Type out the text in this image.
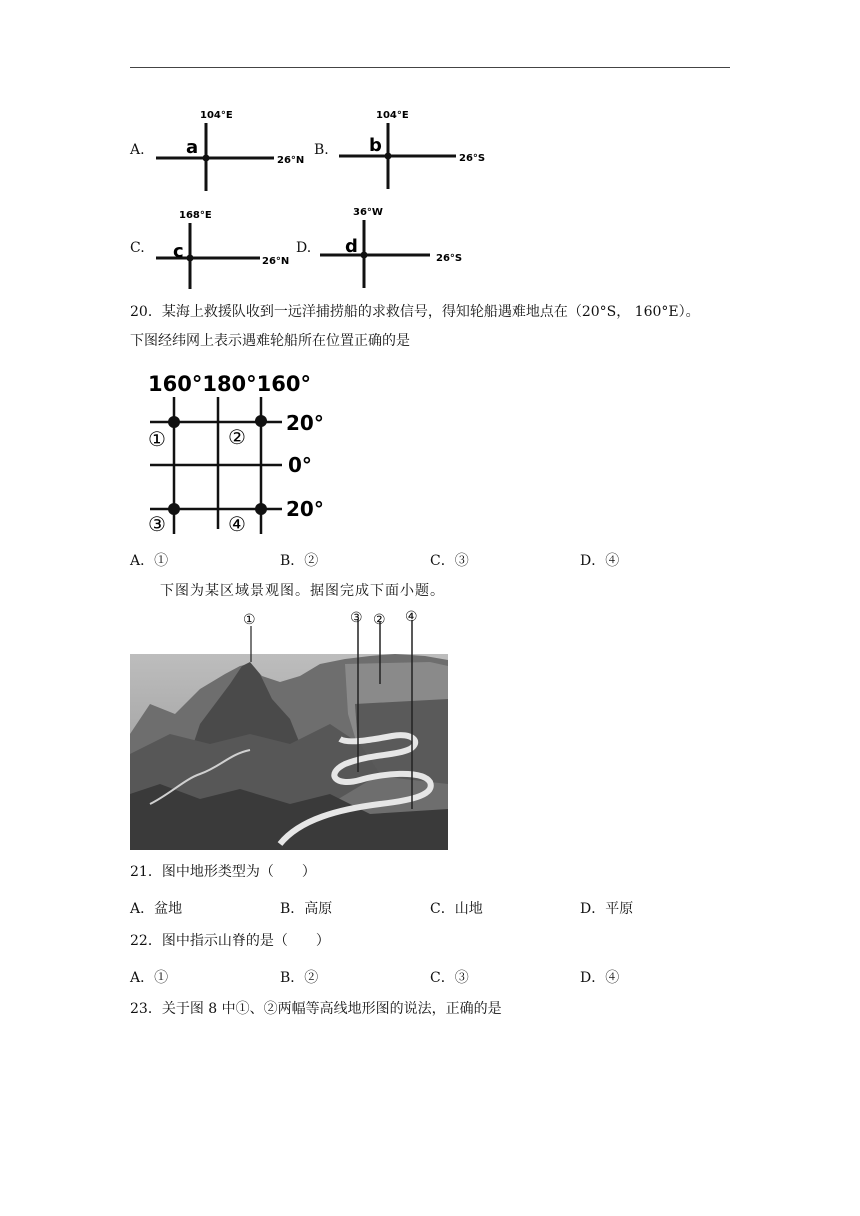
A.
104°E
a
26°N
B.
104°E
b
26°S
C.
168°E
c	26°N
D.
36°W
d
26°S
20．某海上救援队收到一远洋捕捞船的求救信号，得知轮船遇难地点在（20°S， 160°E）。
下图经纬网上表示遇难轮船所在位置正确的是
160°180°160°
20°
0°
20°
①	②
③	④
A．①	B．②	C．③	D．④
下图为某区域景观图。据图完成下面小题。
①	③ ② ④
21．图中地形类型为（　　）
A．盆地	B．高原	C．山地	D．平原
22．图中指示山脊的是（　　）
A．①	B．②	C．③	D．④
23．关于图 8 中①、②两幅等高线地形图的说法，正确的是
